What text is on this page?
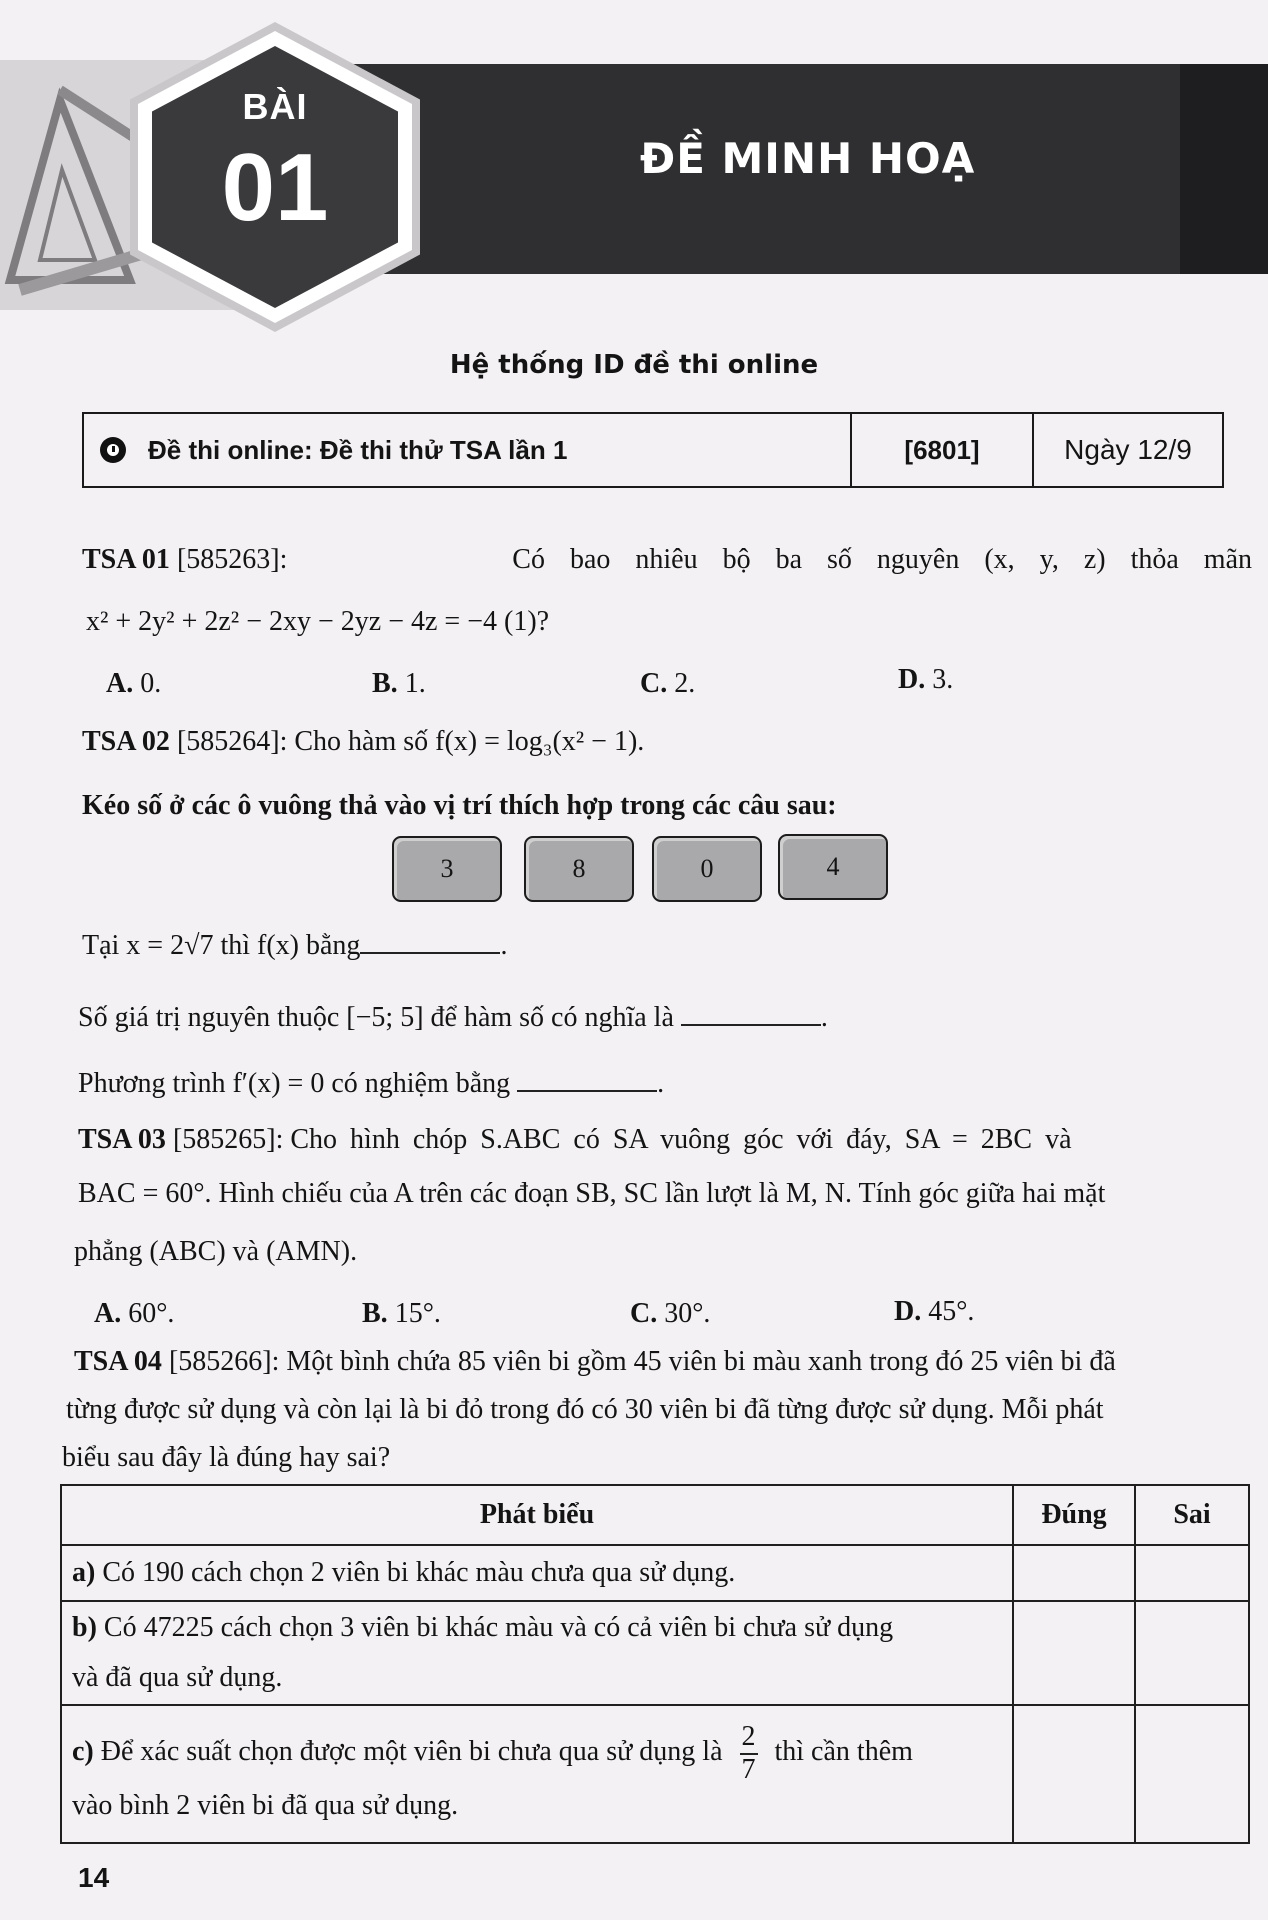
BÀI
01	ĐỀ MINH HOẠ
Hệ thống ID đề thi online
Đề thi online: Đề thi thử TSA lần 1	[6801]	Ngày 12/9
TSA 01 [585263]:	Có bao nhiêu bộ ba số nguyên (x, y, z) thỏa mãn
x² + 2y² + 2z² − 2xy − 2yz − 4z = −4 (1)?
A. 0.	B. 1.	C. 2.	D. 3.
TSA 02 [585264]: Cho hàm số f(x) = log₃(x² − 1).
Kéo số ở các ô vuông thả vào vị trí thích hợp trong các câu sau:
3	8	0	4
Tại x = 2√7 thì f(x) bằng	.
Số giá trị nguyên thuộc [−5; 5] để hàm số có nghĩa là	.
Phương trình f′(x) = 0 có nghiệm bằng	.
TSA 03 [585265]: Cho hình chóp S.ABC có SA vuông góc với đáy, SA = 2BC và
BAC = 60°. Hình chiếu của A trên các đoạn SB, SC lần lượt là M, N. Tính góc giữa hai mặt
phẳng (ABC) và (AMN).
A. 60°.	B. 15°.	C. 30°.	D. 45°.
TSA 04 [585266]: Một bình chứa 85 viên bi gồm 45 viên bi màu xanh trong đó 25 viên bi đã
từng được sử dụng và còn lại là bi đỏ trong đó có 30 viên bi đã từng được sử dụng. Mỗi phát
biểu sau đây là đúng hay sai?
Phát biểu	Đúng	Sai
a) Có 190 cách chọn 2 viên bi khác màu chưa qua sử dụng.		
b) Có 47225 cách chọn 3 viên bi khác màu và có cả viên bi chưa sử dụng
và đã qua sử dụng.		
c) Để xác suất chọn được một viên bi chưa qua sử dụng là $\frac{2}{7}$ thì cần thêm
vào bình 2 viên bi đã qua sử dụng.		
14
